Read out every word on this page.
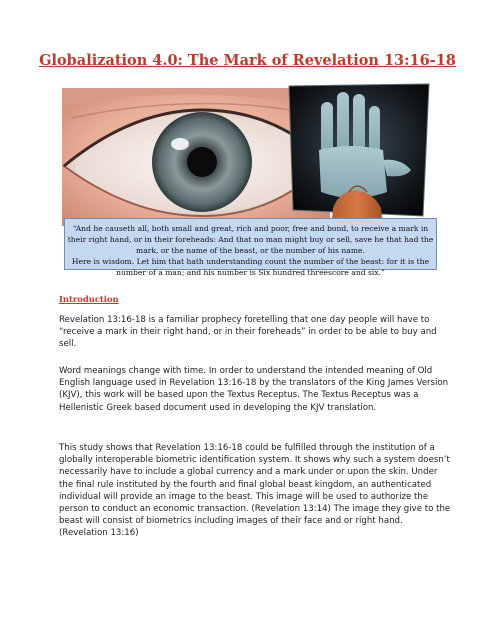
Globalization 4.0: The Mark of Revelation 13:16-18
“And he causeth all, both small and great, rich and poor, free and bond, to receive a mark in their right hand, or in their foreheads: And that no man might buy or sell, save he that had the mark, or the name of the beast, or the number of his name.
Here is wisdom. Let him that hath understanding count the number of the beast: for it is the number of a man; and his number is Six hundred threescore and six.”
Introduction

Revelation 13:16-18 is a familiar prophecy foretelling that one day people will have to “receive a mark in their right hand, or in their foreheads” in order to be able to buy and sell.

Word meanings change with time. In order to understand the intended meaning of Old English language used in Revelation 13:16-18 by the translators of the King James Version (KJV), this work will be based upon the Textus Receptus. The Textus Receptus was a Hellenistic Greek based document used in developing the KJV translation.

This study shows that Revelation 13:16-18 could be fulfilled through the institution of a globally interoperable biometric identification system. It shows why such a system doesn’t necessarily have to include a global currency and a mark under or upon the skin. Under the final rule instituted by the fourth and final global beast kingdom, an authenticated individual will provide an image to the beast. This image will be used to authorize the person to conduct an economic transaction. (Revelation 13:14) The image they give to the beast will consist of biometrics including images of their face and or right hand. (Revelation 13:16)
